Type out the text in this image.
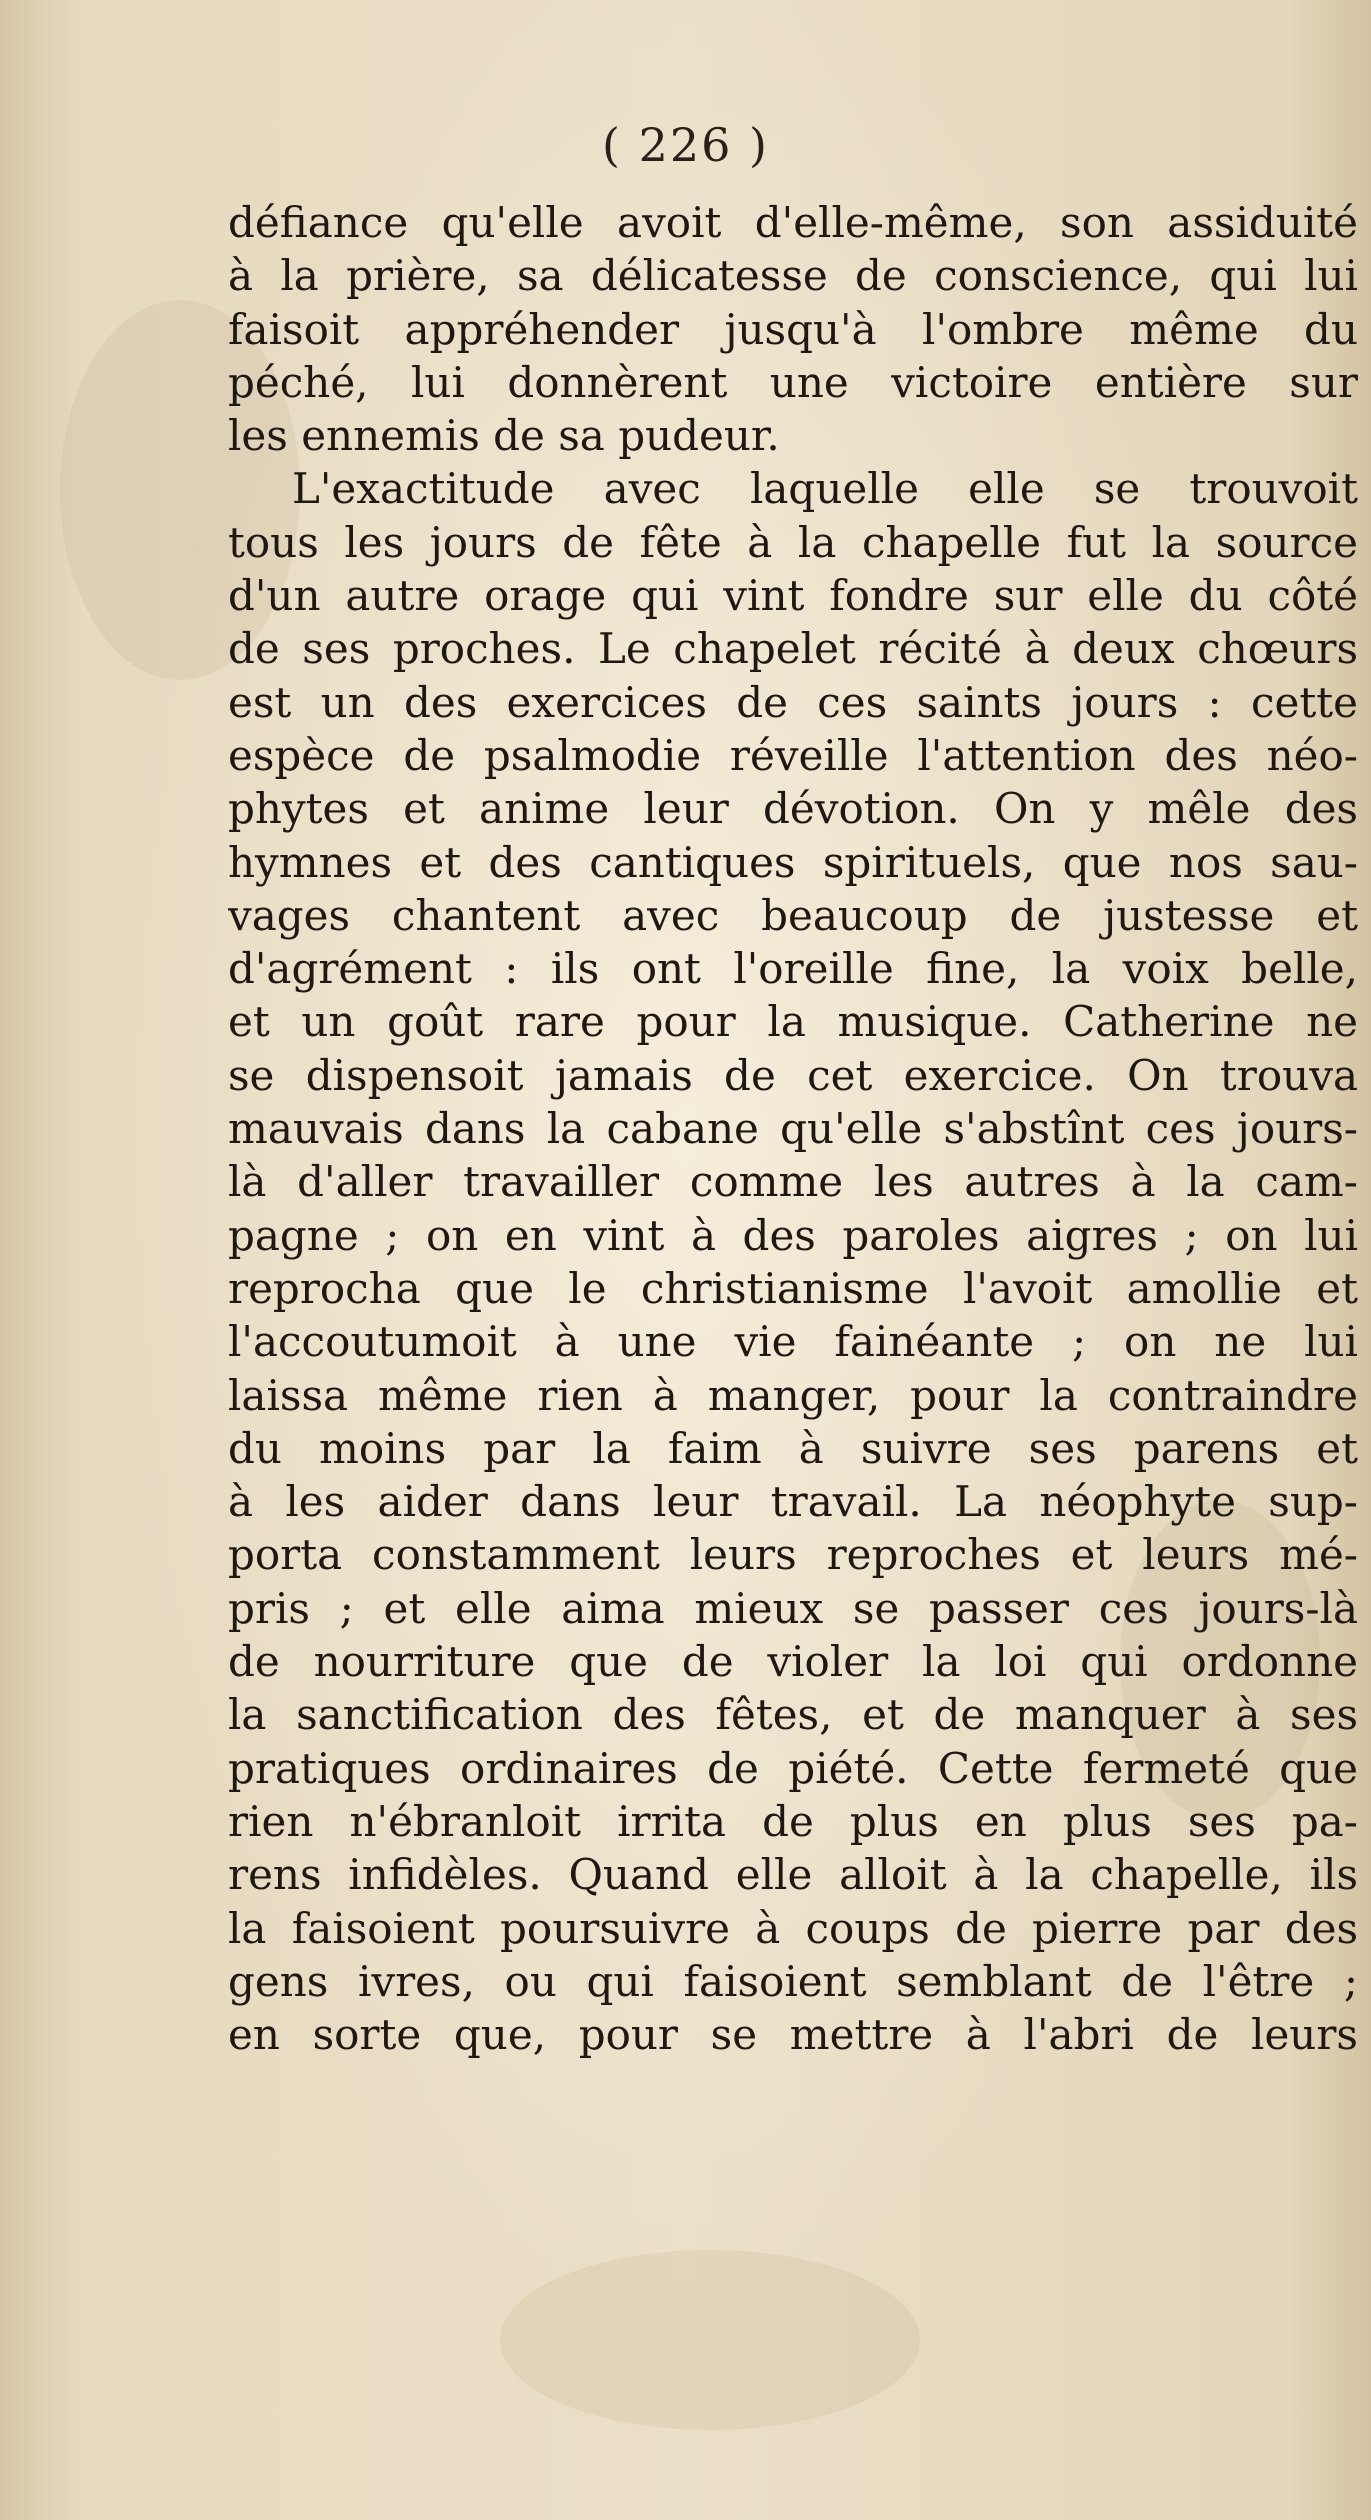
( 226 )
défiance qu'elle avoit d'elle-même, son assiduité
à la prière, sa délicatesse de conscience, qui lui
faisoit appréhender jusqu'à l'ombre même du
péché, lui donnèrent une victoire entière sur
les ennemis de sa pudeur.
L'exactitude avec laquelle elle se trouvoit
tous les jours de fête à la chapelle fut la source
d'un autre orage qui vint fondre sur elle du côté
de ses proches. Le chapelet récité à deux chœurs
est un des exercices de ces saints jours : cette
espèce de psalmodie réveille l'attention des néo-
phytes et anime leur dévotion. On y mêle des
hymnes et des cantiques spirituels, que nos sau-
vages chantent avec beaucoup de justesse et
d'agrément : ils ont l'oreille fine, la voix belle,
et un goût rare pour la musique. Catherine ne
se dispensoit jamais de cet exercice. On trouva
mauvais dans la cabane qu'elle s'abstînt ces jours-
là d'aller travailler comme les autres à la cam-
pagne ; on en vint à des paroles aigres ; on lui
reprocha que le christianisme l'avoit amollie et
l'accoutumoit à une vie fainéante ; on ne lui
laissa même rien à manger, pour la contraindre
du moins par la faim à suivre ses parens et
à les aider dans leur travail. La néophyte sup-
porta constamment leurs reproches et leurs mé-
pris ; et elle aima mieux se passer ces jours-là
de nourriture que de violer la loi qui ordonne
la sanctification des fêtes, et de manquer à ses
pratiques ordinaires de piété. Cette fermeté que
rien n'ébranloit irrita de plus en plus ses pa-
rens infidèles. Quand elle alloit à la chapelle, ils
la faisoient poursuivre à coups de pierre par des
gens ivres, ou qui faisoient semblant de l'être ;
en sorte que, pour se mettre à l'abri de leurs
